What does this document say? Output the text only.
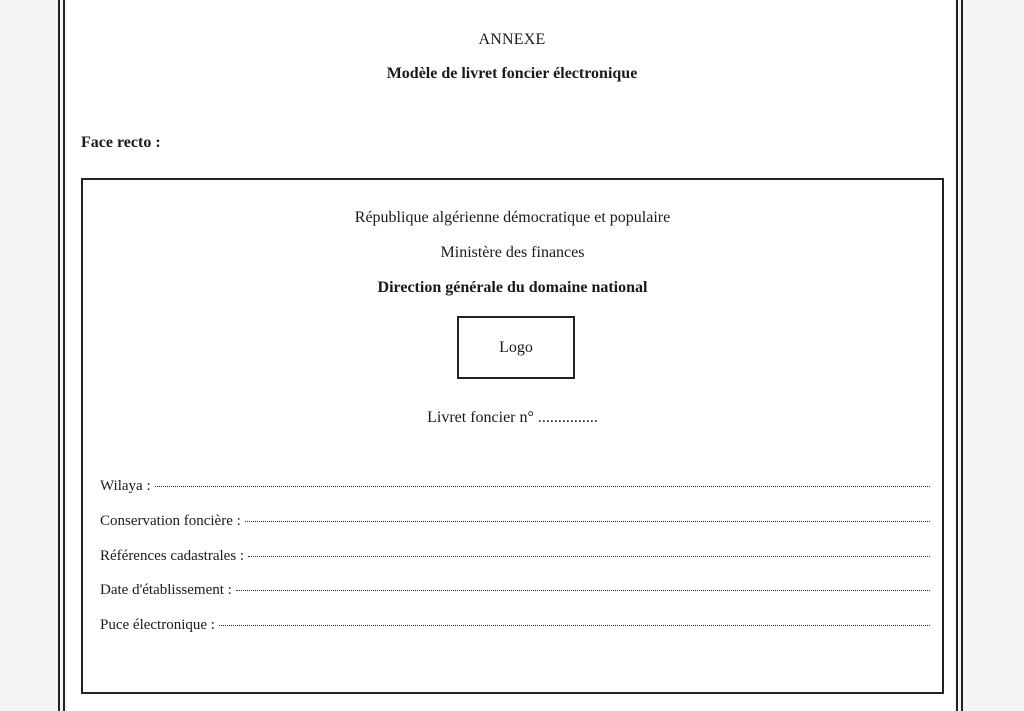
ANNEXE
Modèle de livret foncier électronique
Face recto :
République algérienne démocratique et populaire
Ministère des finances
Direction générale du domaine national
Logo
Livret foncier n° ...............
Wilaya :
Conservation foncière :
Références cadastrales :
Date d'établissement :
Puce électronique :
